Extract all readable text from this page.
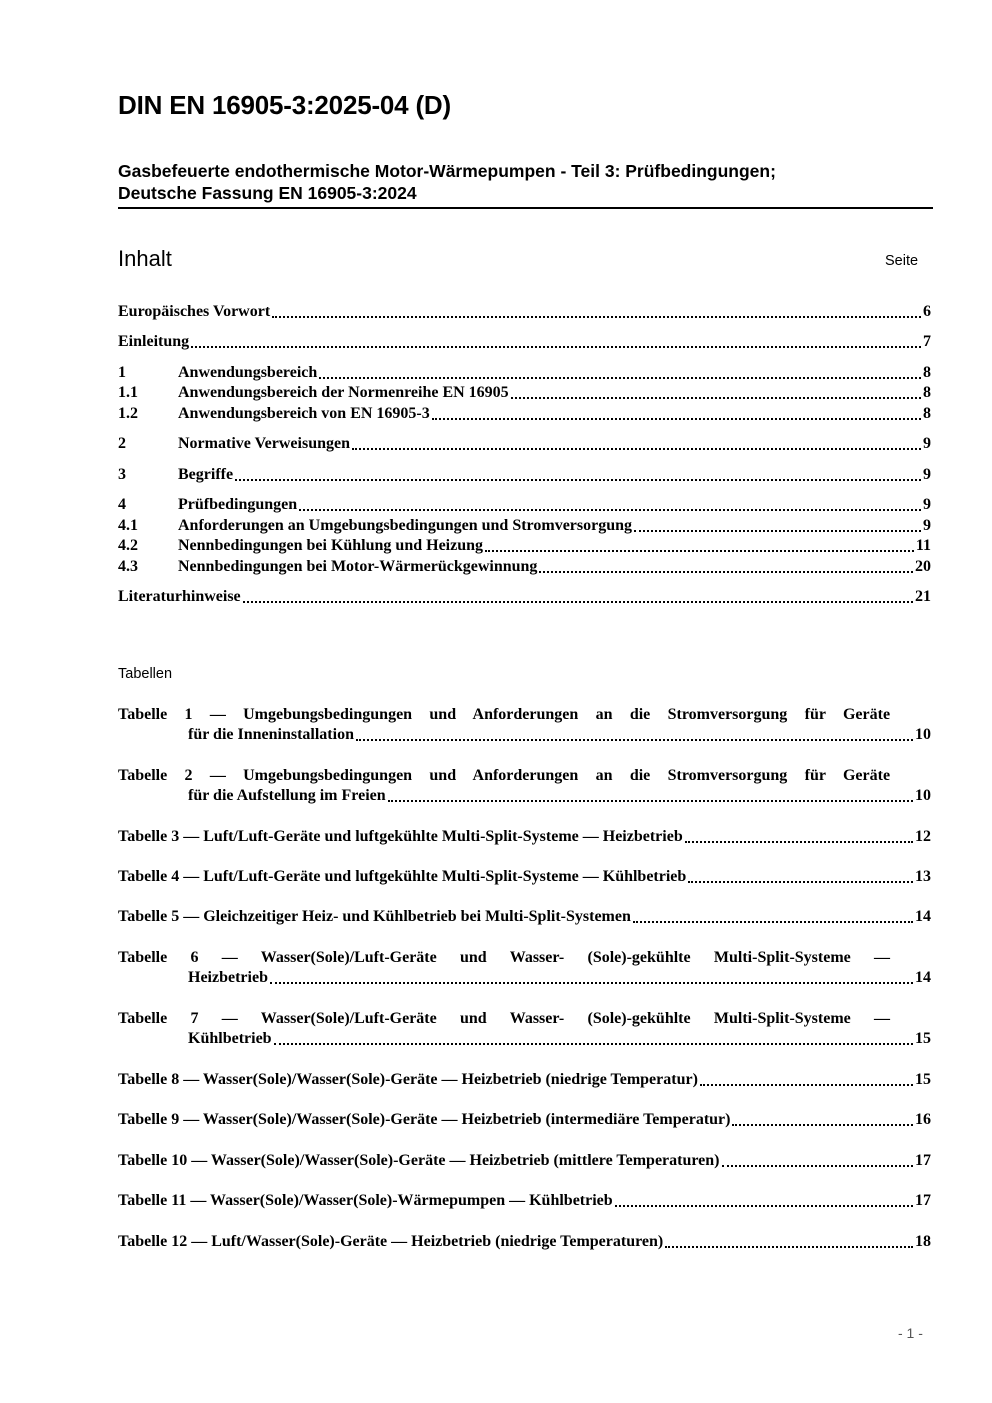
DIN EN 16905-3:2025-04 (D)
Gasbefeuerte endothermische Motor-Wärmepumpen - Teil 3: Prüfbedingungen;
Deutsche Fassung EN 16905-3:2024
Inhalt	Seite
Europäisches Vorwort	6
Einleitung	7
1	Anwendungsbereich	8
1.1	Anwendungsbereich der Normenreihe EN 16905	8
1.2	Anwendungsbereich von EN 16905-3	8
2	Normative Verweisungen	9
3	Begriffe	9
4	Prüfbedingungen	9
4.1	Anforderungen an Umgebungsbedingungen und Stromversorgung	9
4.2	Nennbedingungen bei Kühlung und Heizung	11
4.3	Nennbedingungen bei Motor-Wärmerückgewinnung	20
Literaturhinweise	21
Tabellen
Tabelle 1 — Umgebungsbedingungen und Anforderungen an die Stromversorgung für Geräte
für die Inneninstallation	10
Tabelle 2 — Umgebungsbedingungen und Anforderungen an die Stromversorgung für Geräte
für die Aufstellung im Freien	10
Tabelle 3 — Luft/Luft-Geräte und luftgekühlte Multi-Split-Systeme — Heizbetrieb	12
Tabelle 4 — Luft/Luft-Geräte und luftgekühlte Multi-Split-Systeme — Kühlbetrieb	13
Tabelle 5 — Gleichzeitiger Heiz- und Kühlbetrieb bei Multi-Split-Systemen	14
Tabelle 6 — Wasser(Sole)/Luft-Geräte und Wasser- (Sole)-gekühlte Multi-Split-Systeme —
Heizbetrieb	14
Tabelle 7 — Wasser(Sole)/Luft-Geräte und Wasser- (Sole)-gekühlte Multi-Split-Systeme —
Kühlbetrieb	15
Tabelle 8 — Wasser(Sole)/Wasser(Sole)-Geräte — Heizbetrieb (niedrige Temperatur)	15
Tabelle 9 — Wasser(Sole)/Wasser(Sole)-Geräte — Heizbetrieb (intermediäre Temperatur)	16
Tabelle 10 — Wasser(Sole)/Wasser(Sole)-Geräte — Heizbetrieb (mittlere Temperaturen)	17
Tabelle 11 — Wasser(Sole)/Wasser(Sole)-Wärmepumpen — Kühlbetrieb	17
Tabelle 12 — Luft/Wasser(Sole)-Geräte — Heizbetrieb (niedrige Temperaturen)	18
- 1 -
